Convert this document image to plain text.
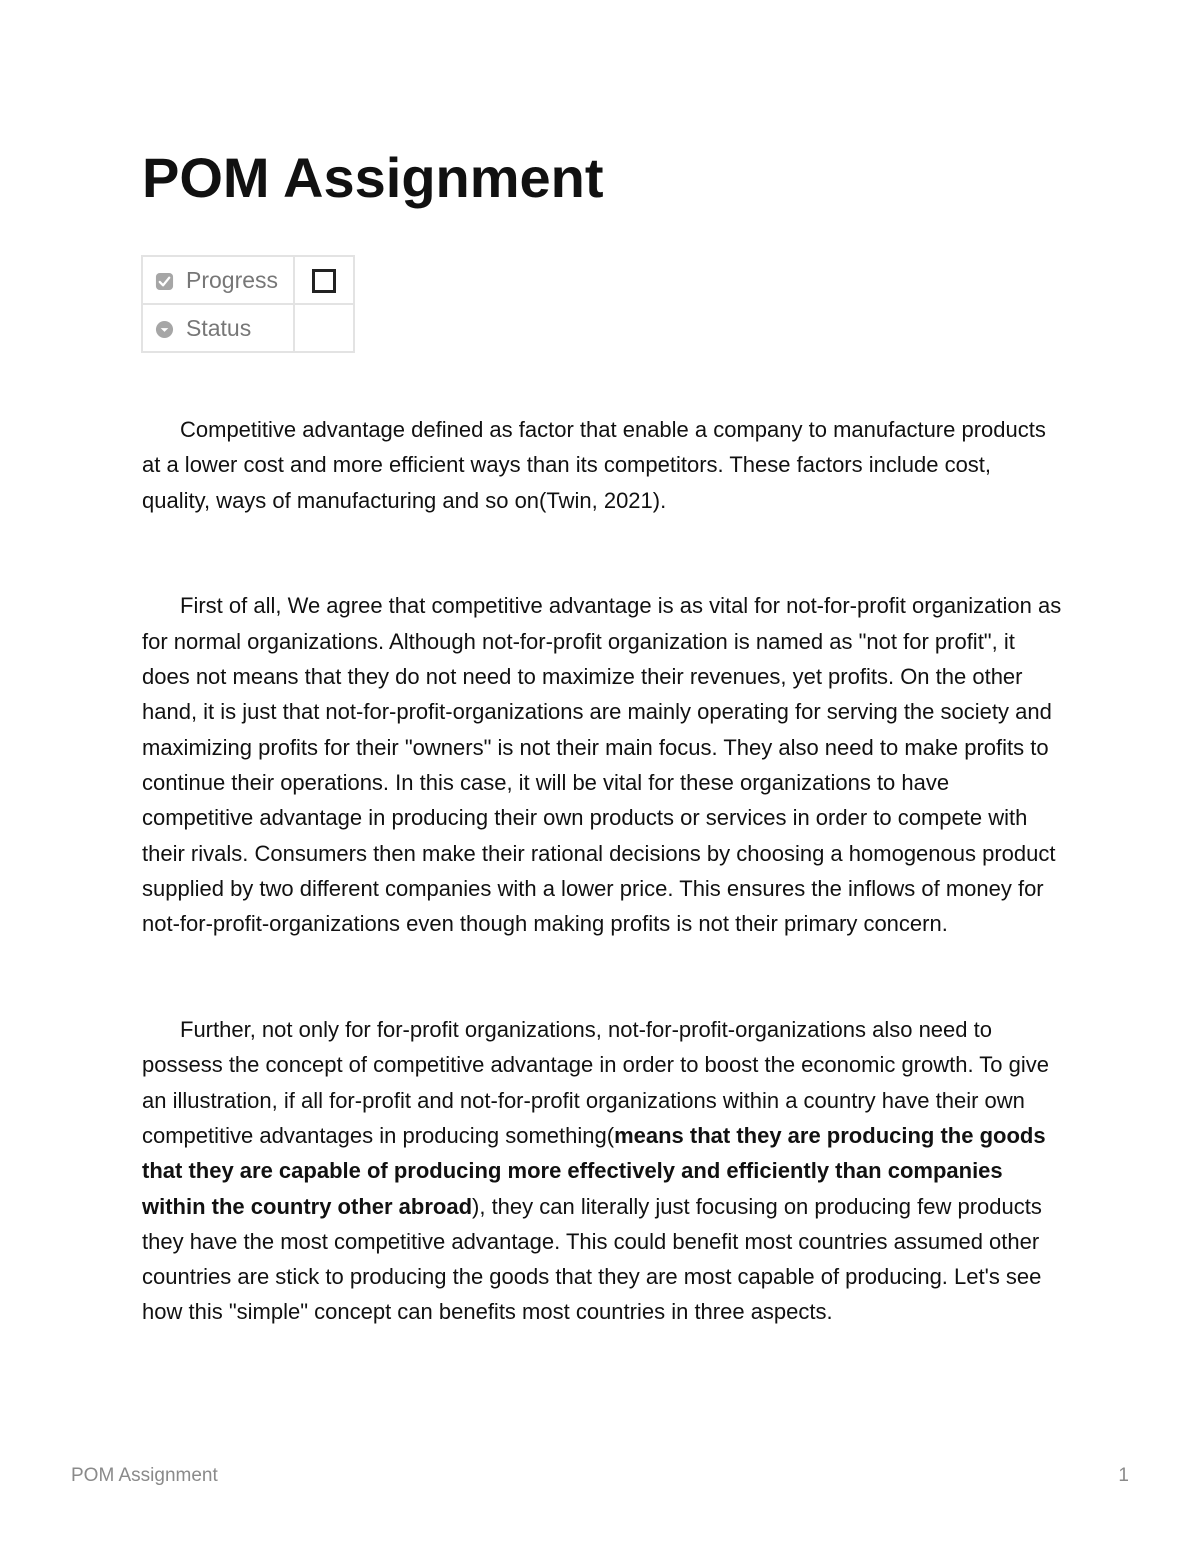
POM Assignment
Progress	
Status	

Competitive advantage defined as factor that enable a company to manufacture products at a lower cost and more efficient ways than its competitors. These factors include cost, quality, ways of manufacturing and so on(Twin, 2021).

First of all, We agree that competitive advantage is as vital for not-for-profit organization as for normal organizations. Although not-for-profit organization is named as "not for profit", it does not means that they do not need to maximize their revenues, yet profits. On the other hand, it is just that not-for-profit-organizations are mainly operating for serving the society and maximizing profits for their "owners" is not their main focus. They also need to make profits to continue their operations. In this case, it will be vital for these organizations to have competitive advantage in producing their own products or services in order to compete with their rivals. Consumers then make their rational decisions by choosing a homogenous product supplied by two different companies with a lower price. This ensures the inflows of money for not-for-profit-organizations even though making profits is not their primary concern.

Further, not only for for-profit organizations, not-for-profit-organizations also need to possess the concept of competitive advantage in order to boost the economic growth. To give an illustration, if all for-profit and not-for-profit organizations within a country have their own competitive advantages in producing something(means that they are producing the goods that they are capable of producing more effectively and efficiently than companies within the country other abroad), they can literally just focusing on producing few products they have the most competitive advantage. This could benefit most countries assumed other countries are stick to producing the goods that they are most capable of producing. Let's see how this "simple" concept can benefits most countries in three aspects.

POM Assignment	1
